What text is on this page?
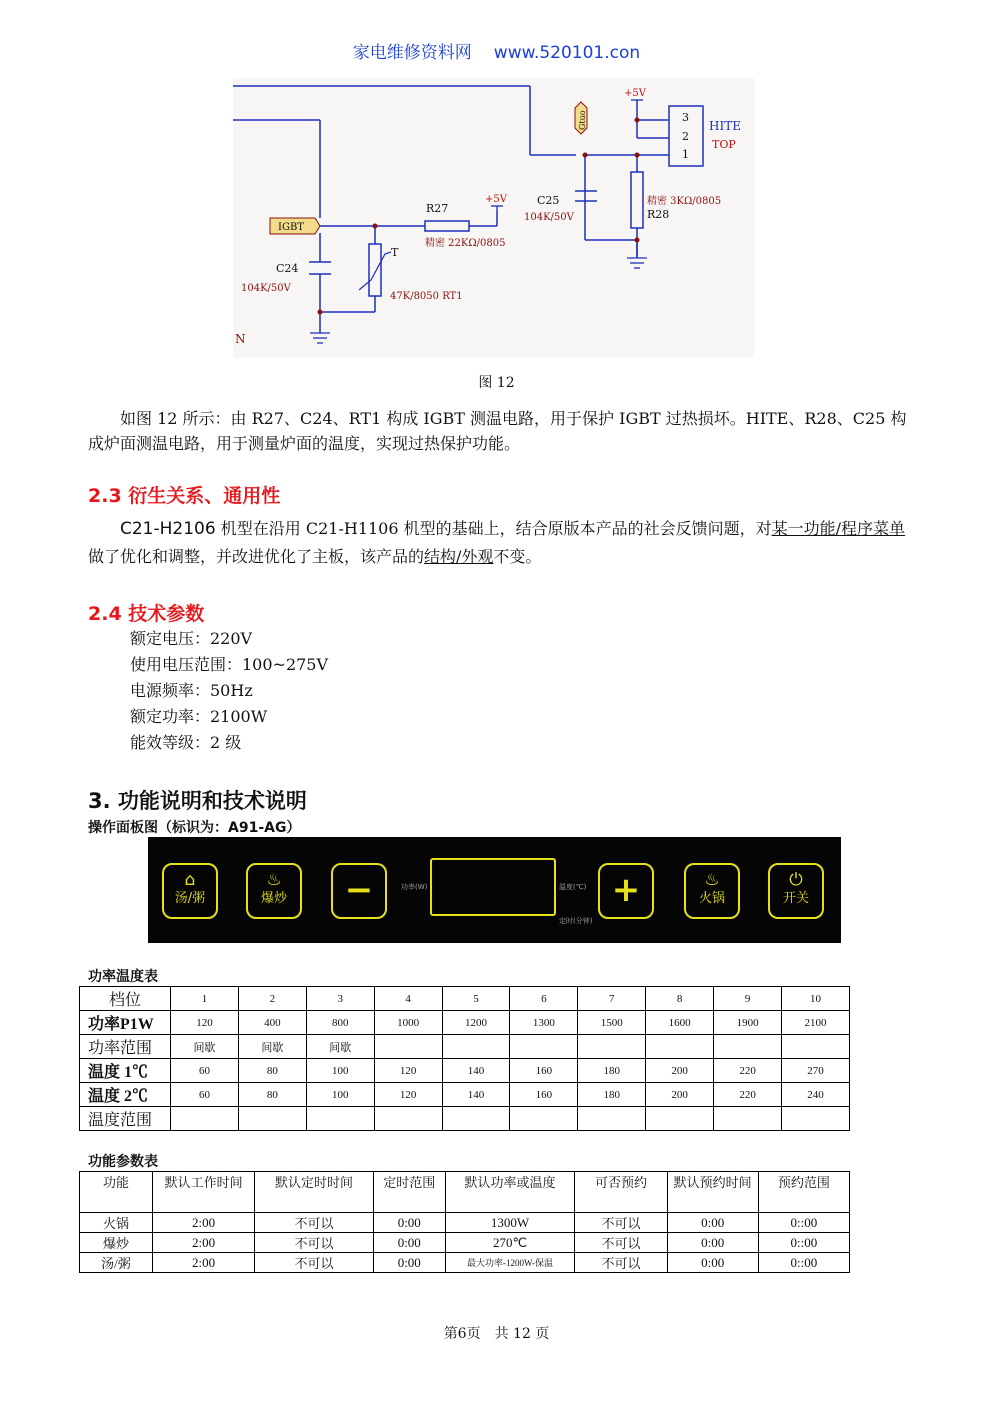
家电维修资料网 www.520101.con
+5V
3
2
1
HITE
TOP
Gtuo
C25
104K/50V
精密 3KΩ/0805
R28
IGBT
R27
+5V
精密 22KΩ/0805
T
C24
104K/50V
47K/8050 RT1
N
图 12
如图 12 所示：由 R27、C24、RT1 构成 IGBT 测温电路，用于保护 IGBT 过热损坏。HITE、R28、C25 构成炉面测温电路，用于测量炉面的温度，实现过热保护功能。
2.3 衍生关系、通用性
C21-H2106 机型在沿用 C21-H1106 机型的基础上，结合原版本产品的社会反馈问题，对某一功能/程序菜单做了优化和调整，并改进优化了主板，该产品的结构/外观不变。
2.4 技术参数
额定电压：220V
使用电压范围：100~275V
电源频率：50Hz
额定功率：2100W
能效等级：2 级
3. 功能说明和技术说明
操作面板图（标识为：A91-AG）
⌂
汤/粥
♨
爆炒	−	功率(W)	温度(℃)
定时(分钟)
+	♨
火锅
⏻
开关
功率温度表
档位	1	2	3	4	5	6	7	8	9	10
功率P1W	120	400	800	1000	1200	1300	1500	1600	1900	2100
功率范围	间歇	间歇	间歇							
温度 1℃	60	80	100	120	140	160	180	200	220	270
温度 2℃	60	80	100	120	140	160	180	200	220	240
温度范围										
功能参数表
功能	默认工作时间	默认定时时间	定时范围	默认功率或温度	可否预约	默认预约时间	预约范围
火锅	2:00	不可以	0:00	1300W	不可以	0:00	0::00
爆炒	2:00	不可以	0:00	270℃	不可以	0:00	0::00
汤/粥	2:00	不可以	0:00	最大功率-1200W-保温	不可以	0:00	0::00
第6页　共 12 页
